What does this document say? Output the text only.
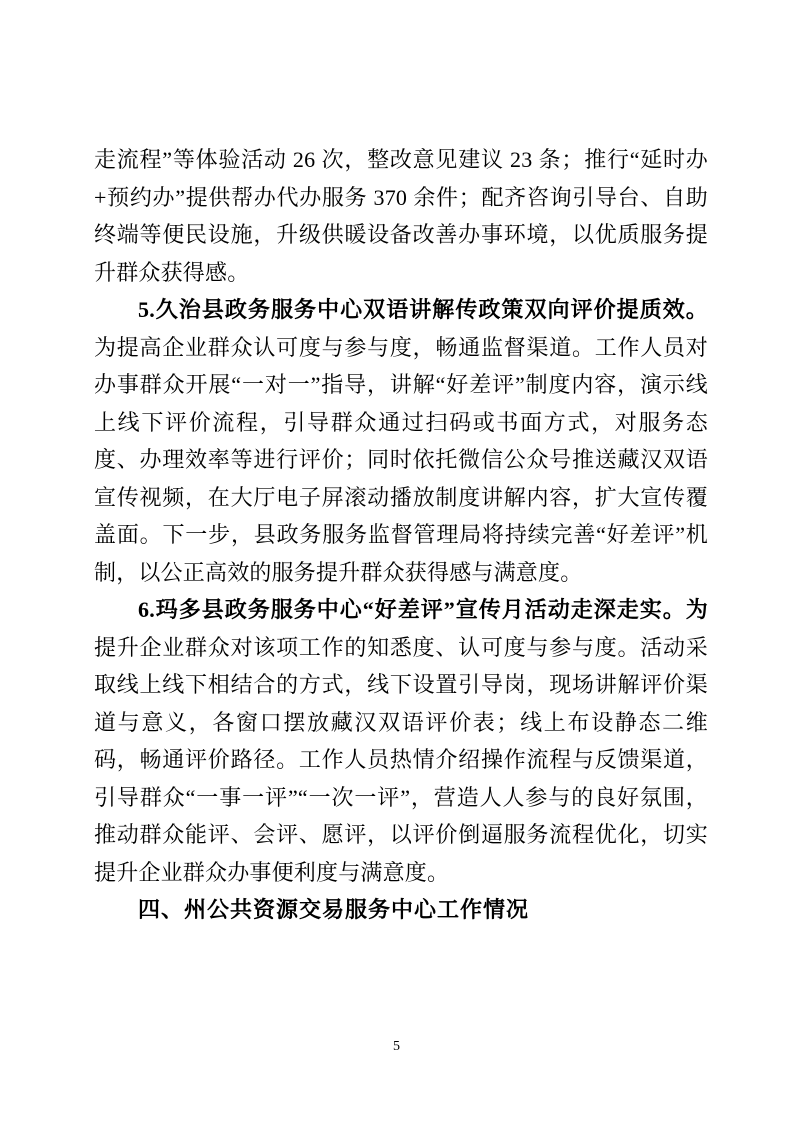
走流程”等体验活动 26 次，整改意见建议 23 条；推行“延时办+预约办”提供帮办代办服务 370 余件；配齐咨询引导台、自助终端等便民设施，升级供暖设备改善办事环境，以优质服务提升群众获得感。

5.久治县政务服务中心双语讲解传政策双向评价提质效。为提高企业群众认可度与参与度，畅通监督渠道。工作人员对办事群众开展“一对一”指导，讲解“好差评”制度内容，演示线上线下评价流程，引导群众通过扫码或书面方式，对服务态度、办理效率等进行评价；同时依托微信公众号推送藏汉双语宣传视频，在大厅电子屏滚动播放制度讲解内容，扩大宣传覆盖面。下一步，县政务服务监督管理局将持续完善“好差评”机制，以公正高效的服务提升群众获得感与满意度。

6.玛多县政务服务中心“好差评”宣传月活动走深走实。为提升企业群众对该项工作的知悉度、认可度与参与度。活动采取线上线下相结合的方式，线下设置引导岗，现场讲解评价渠道与意义，各窗口摆放藏汉双语评价表；线上布设静态二维码，畅通评价路径。工作人员热情介绍操作流程与反馈渠道，引导群众“一事一评”“一次一评”，营造人人参与的良好氛围，推动群众能评、会评、愿评，以评价倒逼服务流程优化，切实提升企业群众办事便利度与满意度。

四、州公共资源交易服务中心工作情况

5
